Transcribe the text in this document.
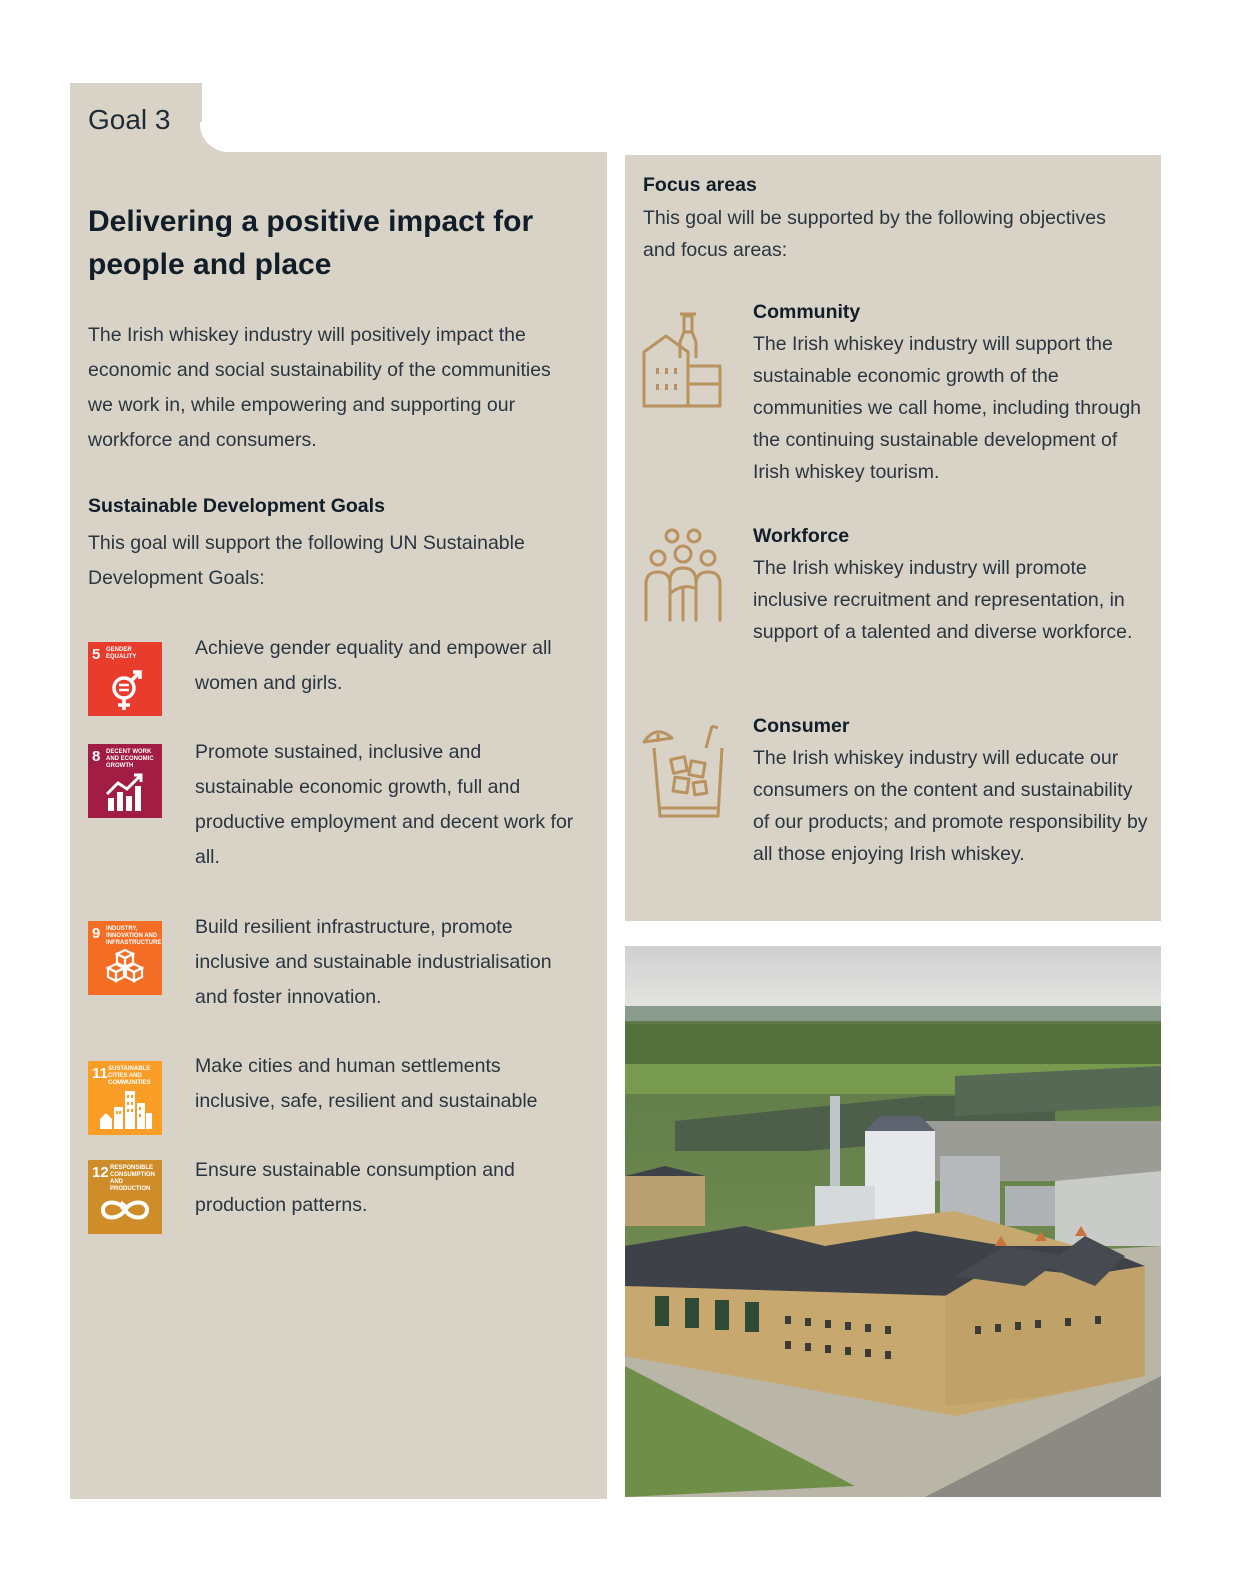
Goal 3
Delivering a positive impact for people and place

The Irish whiskey industry will positively impact the economic and social sustainability of the communities we work in, while empowering and supporting our workforce and consumers.

Sustainable Development Goals

This goal will support the following UN Sustainable Development Goals:

5 GENDER EQUALITY	Achieve gender equality and empower all women and girls.

8 DECENT WORK AND ECONOMIC GROWTH

Promote sustained, inclusive and sustainable economic growth, full and productive employment and decent work for all.

9 INDUSTRY, INNOVATION AND INFRASTRUCTURE

Build resilient infrastructure, promote inclusive and sustainable industrialisation and foster innovation.

11 SUSTAINABLE CITIES AND COMMUNITIES

Make cities and human settlements inclusive, safe, resilient and sustainable

12 RESPONSIBLE CONSUMPTION AND PRODUCTION

Ensure sustainable consumption and production patterns.

Focus areas

This goal will be supported by the following objectives and focus areas:

Community

The Irish whiskey industry will support the sustainable economic growth of the communities we call home, including through the continuing sustainable development of Irish whiskey tourism.

Workforce

The Irish whiskey industry will promote inclusive recruitment and representation, in support of a talented and diverse workforce.

Consumer

The Irish whiskey industry will educate our consumers on the content and sustainability of our products; and promote responsibility by all those enjoying Irish whiskey.
